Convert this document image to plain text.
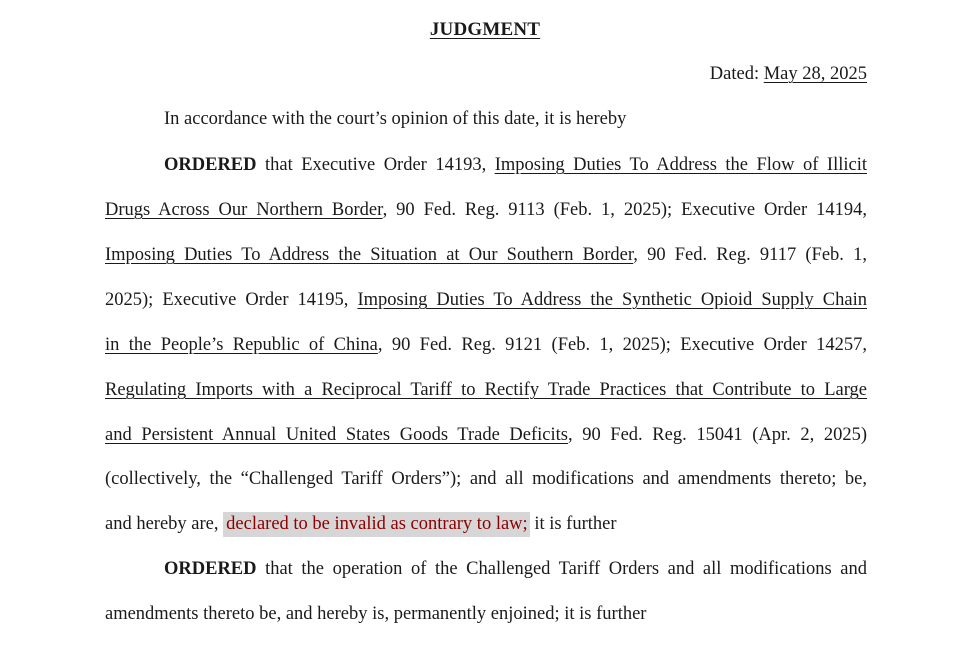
JUDGMENT
Dated: May 28, 2025
In accordance with the court’s opinion of this date, it is hereby
ORDERED that Executive Order 14193, Imposing Duties To Address the Flow of Illicit
Drugs Across Our Northern Border, 90 Fed. Reg. 9113 (Feb. 1, 2025); Executive Order 14194,
Imposing Duties To Address the Situation at Our Southern Border, 90 Fed. Reg. 9117 (Feb. 1,
2025); Executive Order 14195, Imposing Duties To Address the Synthetic Opioid Supply Chain
in the People’s Republic of China, 90 Fed. Reg. 9121 (Feb. 1, 2025); Executive Order 14257,
Regulating Imports with a Reciprocal Tariff to Rectify Trade Practices that Contribute to Large
and Persistent Annual United States Goods Trade Deficits, 90 Fed. Reg. 15041 (Apr. 2, 2025)
(collectively, the “Challenged Tariff Orders”); and all modifications and amendments thereto; be,
and hereby are, declared to be invalid as contrary to law; it is further
ORDERED that the operation of the Challenged Tariff Orders and all modifications and
amendments thereto be, and hereby is, permanently enjoined; it is further
